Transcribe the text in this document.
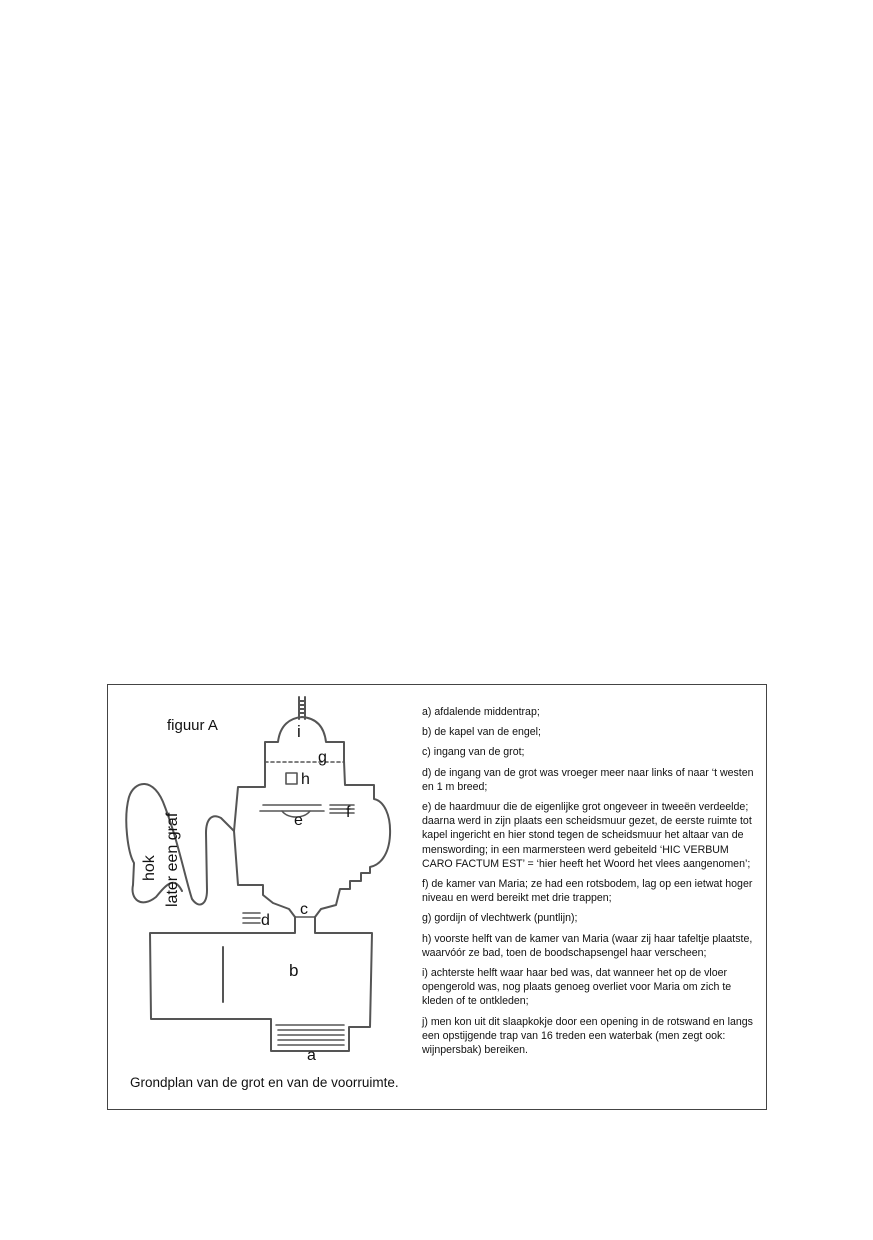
i
g
h
e	f
d
c
b
a
hok later een graf
figuur A
Grondplan van de grot en van de voorruimte.

a) afdalende middentrap;

b) de kapel van de engel;

c) ingang van de grot;

d) de ingang van de grot was vroeger meer naar links of naar ‘t westen en 1 m breed;

e) de haardmuur die de eigenlijke grot ongeveer in tweeën verdeelde; daarna werd in zijn plaats een scheidsmuur gezet, de eerste ruimte tot kapel ingericht en hier stond tegen de scheidsmuur het altaar van de menswording; in een marmersteen werd gebeiteld ‘HIC VERBUM CARO FACTUM EST’ = ‘hier heeft het Woord het vlees aangenomen’;

f) de kamer van Maria; ze had een rotsbodem, lag op een ietwat hoger niveau en werd bereikt met drie trappen;

g) gordijn of vlechtwerk (puntlijn);

h) voorste helft van de kamer van Maria (waar zij haar tafeltje plaatste, waarvóór ze bad, toen de boodschapsengel haar verscheen;

i) achterste helft waar haar bed was, dat wanneer het op de vloer opengerold was, nog plaats genoeg overliet voor Maria om zich te kleden of te ontkleden;

j) men kon uit dit slaapkokje door een opening in de rotswand en langs een opstijgende trap van 16 treden een waterbak (men zegt ook: wijnpersbak) bereiken.
